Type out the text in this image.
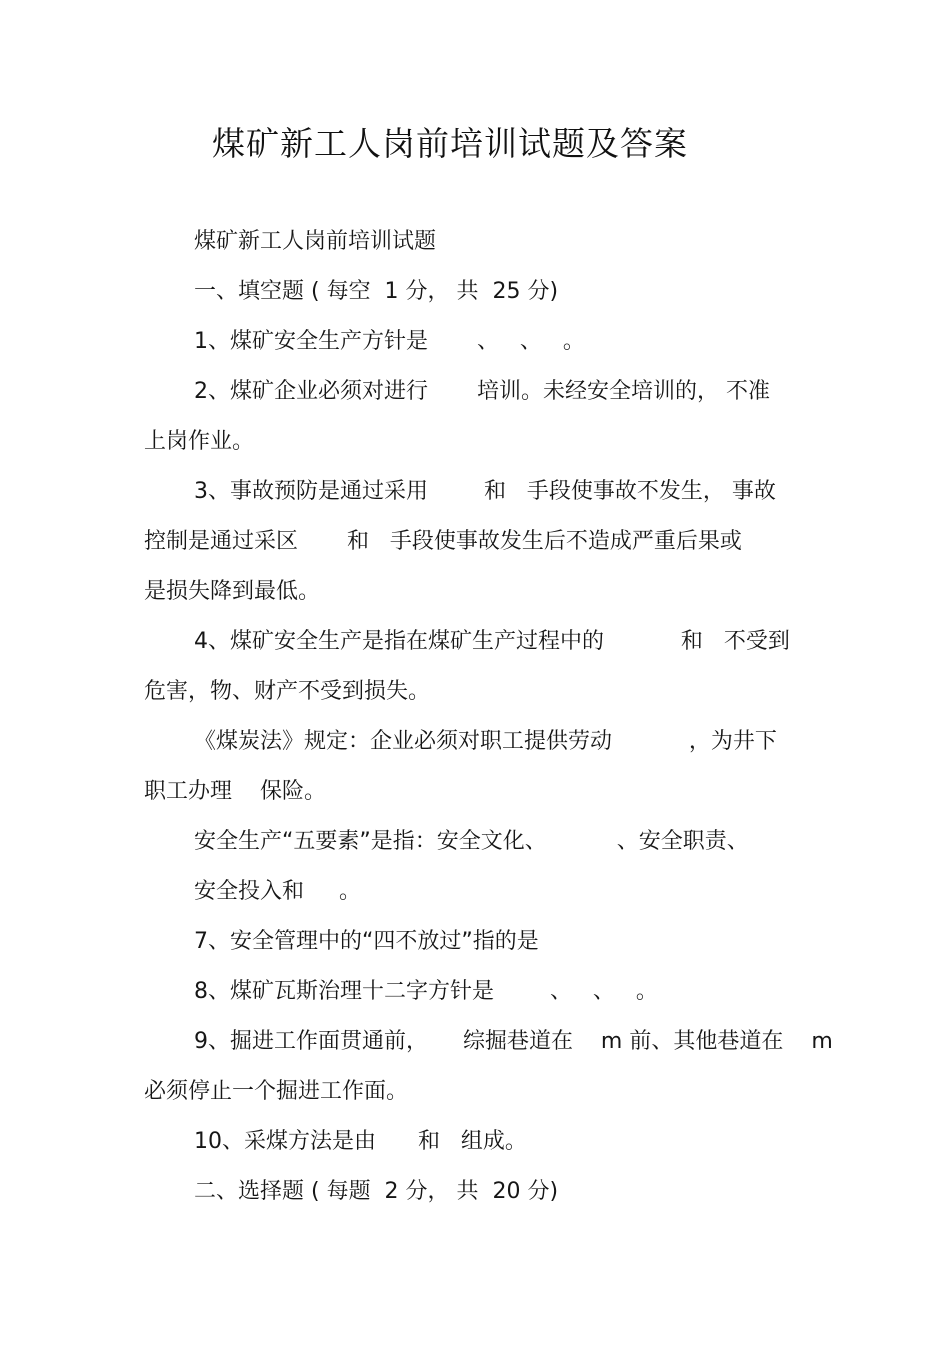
煤矿新工人岗前培训试题及答案
煤矿新工人岗前培训试题
一、填空题 ( 每空  1 分， 共  25 分)
1、煤矿安全生产方针是       、   、   。
2、煤矿企业必须对进行       培训。未经安全培训的， 不准
上岗作业。
3、事故预防是通过采用        和   手段使事故不发生， 事故
控制是通过采区       和   手段使事故发生后不造成严重后果或
是损失降到最低。
4、煤矿安全生产是指在煤矿生产过程中的           和   不受到
危害，物、财产不受到损失。
《煤炭法》规定：企业必须对职工提供劳动           ，为井下
职工办理    保险。
安全生产“五要素”是指：安全文化、          、安全职责、
安全投入和     。
7、安全管理中的“四不放过”指的是
8、煤矿瓦斯治理十二字方针是        、   、   。
9、掘进工作面贯通前，     综掘巷道在    m 前、其他巷道在    m
必须停止一个掘进工作面。
10、采煤方法是由      和   组成。
二、选择题 ( 每题  2 分， 共  20 分)
